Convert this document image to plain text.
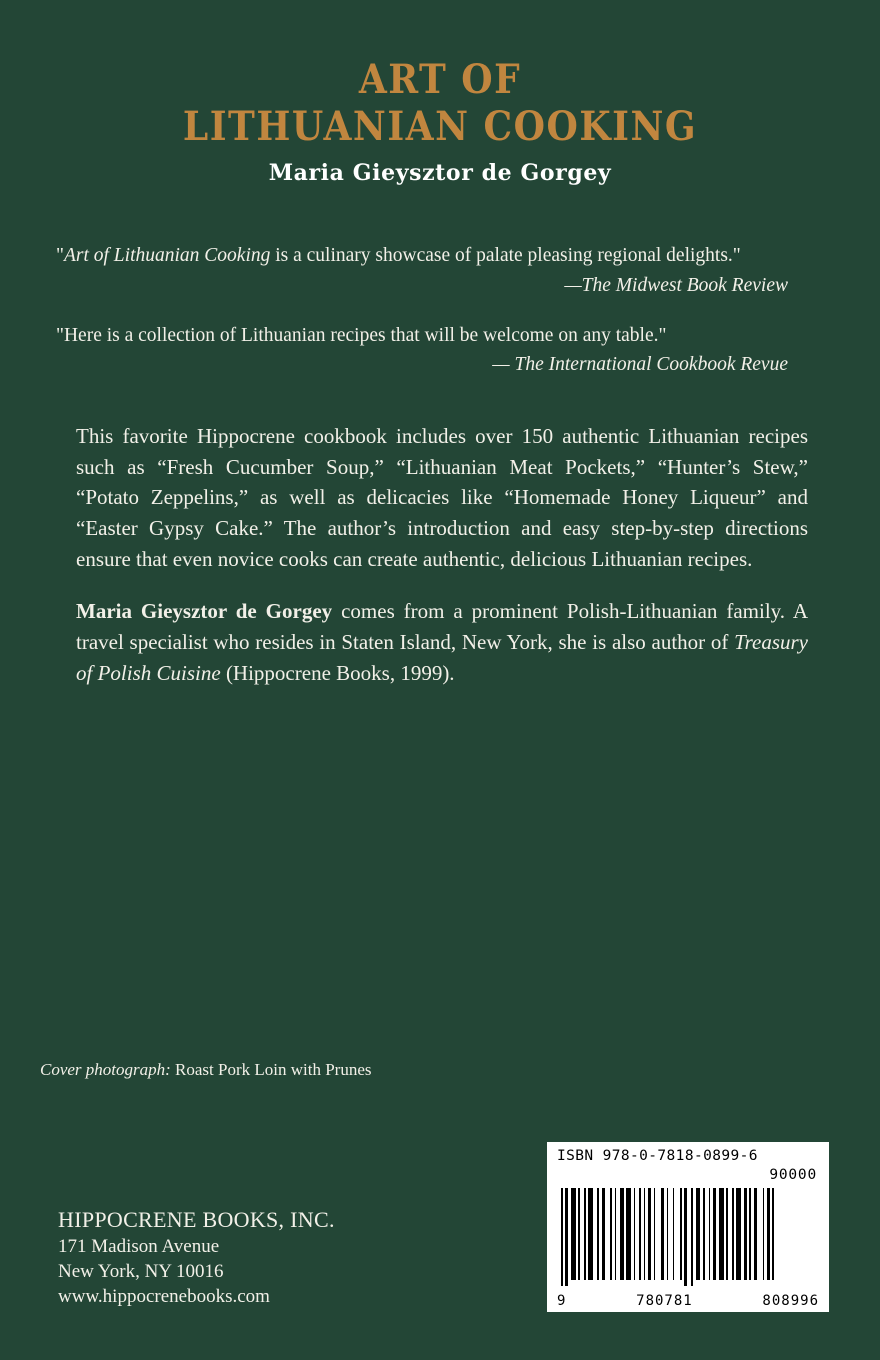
ART OF
LITHUANIAN COOKING
Maria Gieysztor de Gorgey
"Art of Lithuanian Cooking is a culinary showcase of palate pleasing regional delights."
—The Midwest Book Review
"Here is a collection of Lithuanian recipes that will be welcome on any table."
— The International Cookbook Revue

This favorite Hippocrene cookbook includes over 150 authentic Lithuanian recipes such as “Fresh Cucumber Soup,” “Lithuanian Meat Pockets,” “Hunter’s Stew,” “Potato Zeppelins,” as well as delicacies like “Homemade Honey Liqueur” and “Easter Gypsy Cake.” The author’s introduction and easy step-by-step directions ensure that even novice cooks can create authentic, delicious Lithuanian recipes.

Maria Gieysztor de Gorgey comes from a prominent Polish-Lithuanian family. A travel specialist who resides in Staten Island, New York, she is also author of Treasury of Polish Cuisine (Hippocrene Books, 1999).

Cover photograph: Roast Pork Loin with Prunes
HIPPOCRENE BOOKS, INC.
171 Madison Avenue
New York, NY 10016
www.hippocrenebooks.com
ISBN 978-0-7818-0899-6
90000
9	780781	808996
